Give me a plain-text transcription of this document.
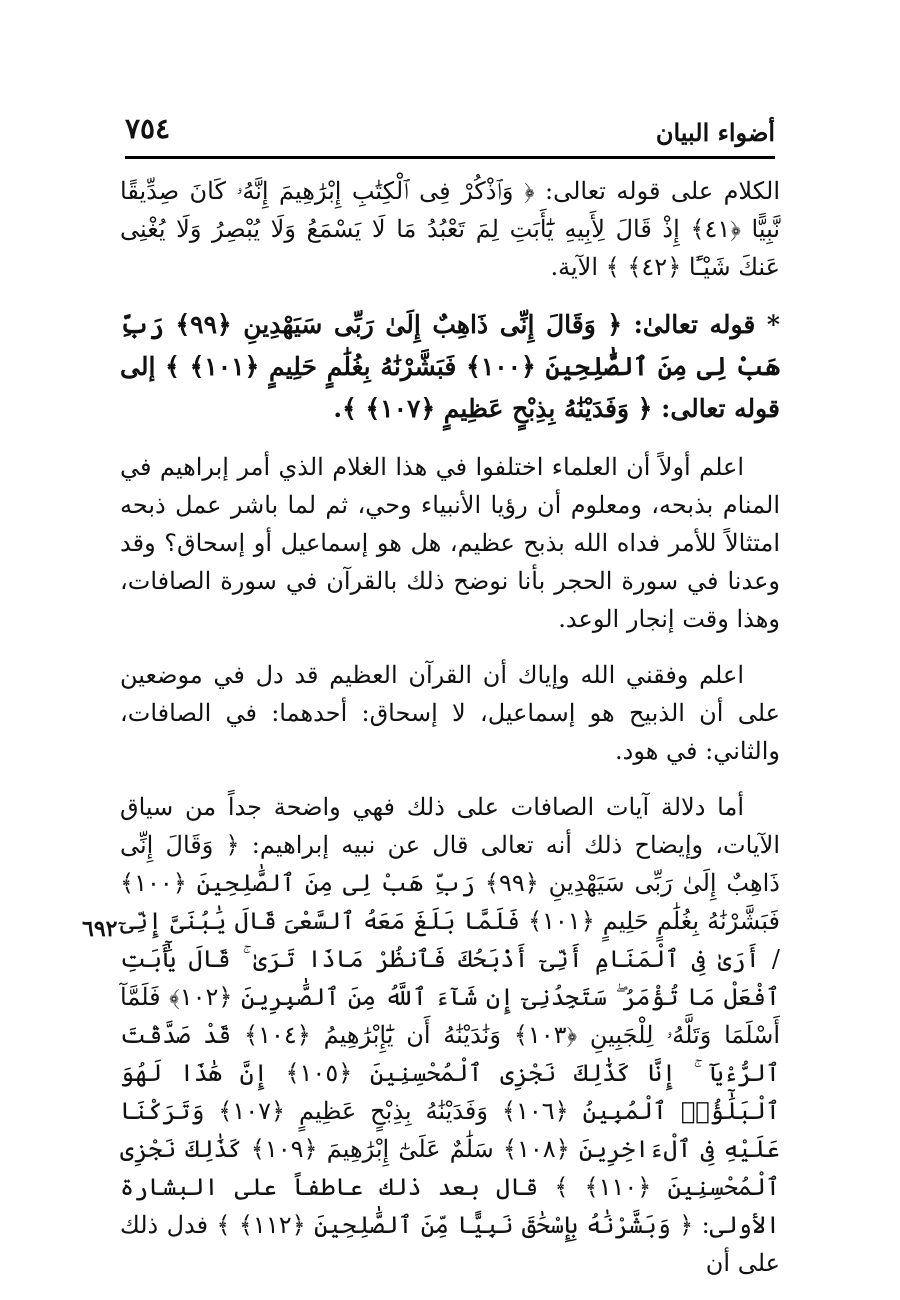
٧٥٤	أضواء البيان

الكلام على قوله تعالى: ﴿ وَٱذْكُرْ فِى ٱلْكِتَٰبِ إِبْرَٰهِيمَ إِنَّهُۥ كَانَ صِدِّيقًا نَّبِيًّا ﴿٤١﴾ إِذْ قَالَ لِأَبِيهِ يَٰٓأَبَتِ لِمَ تَعْبُدُ مَا لَا يَسْمَعُ وَلَا يُبْصِرُ وَلَا يُغْنِى عَنكَ شَيْـًٔا ﴿٤٢﴾ ﴾ الآية.

* قوله تعالىٰ: ﴿ وَقَالَ إِنِّى ذَاهِبٌ إِلَىٰ رَبِّى سَيَهْدِينِ ﴿٩٩﴾ رَبِّ هَبْ لِى مِنَ ٱلصَّٰلِحِينَ ﴿١٠٠﴾ فَبَشَّرْنَٰهُ بِغُلَٰمٍ حَلِيمٍ ﴿١٠١﴾ ﴾ إلى قوله تعالى: ﴿ وَفَدَيْنَٰهُ بِذِبْحٍ عَظِيمٍ ﴿١٠٧﴾ ﴾.

اعلم أولاً أن العلماء اختلفوا في هذا الغلام الذي أمر إبراهيم في المنام بذبحه، ومعلوم أن رؤيا الأنبياء وحي، ثم لما باشر عمل ذبحه امتثالاً للأمر فداه الله بذبح عظيم، هل هو إسماعيل أو إسحاق؟ وقد وعدنا في سورة الحجر بأنا نوضح ذلك بالقرآن في سورة الصافات، وهذا وقت إنجار الوعد.

اعلم وفقني الله وإياك أن القرآن العظيم قد دل في موضعين على أن الذبيح هو إسماعيل، لا إسحاق: أحدهما: في الصافات، والثاني: في هود.

أما دلالة آيات الصافات على ذلك فهي واضحة جداً من سياق الآيات، وإيضاح ذلك أنه تعالى قال عن نبيه إبراهيم: ﴿ وَقَالَ إِنِّى ذَاهِبٌ إِلَىٰ رَبِّى سَيَهْدِينِ ﴿٩٩﴾ رَبِّ هَبْ لِى مِنَ ٱلصَّٰلِحِينَ ﴿١٠٠﴾ فَبَشَّرْنَٰهُ بِغُلَٰمٍ حَلِيمٍ ﴿١٠١﴾ فَلَمَّا بَلَغَ مَعَهُ ٱلسَّعْىَ قَالَ يَٰبُنَىَّ إِنِّىٓ / أَرَىٰ فِى ٱلْمَنَامِ أَنِّىٓ أَذْبَحُكَ فَٱنظُرْ مَاذَا تَرَىٰ ۚ قَالَ يَٰٓأَبَتِ ٱفْعَلْ مَا تُؤْمَرُ ۖ سَتَجِدُنِىٓ إِن شَآءَ ٱللَّهُ مِنَ ٱلصَّٰبِرِينَ ﴿١٠٢﴾ فَلَمَّآ أَسْلَمَا وَتَلَّهُۥ لِلْجَبِينِ ﴿١٠٣﴾ وَنَٰدَيْنَٰهُ أَن يَٰٓإِبْرَٰهِيمُ ﴿١٠٤﴾ قَدْ صَدَّقْتَ ٱلرُّءْيَآ ۚ إِنَّا كَذَٰلِكَ نَجْزِى ٱلْمُحْسِنِينَ ﴿١٠٥﴾ إِنَّ هَٰذَا لَهُوَ ٱلْبَلَٰٓؤُا۟ ٱلْمُبِينُ ﴿١٠٦﴾ وَفَدَيْنَٰهُ بِذِبْحٍ عَظِيمٍ ﴿١٠٧﴾ وَتَرَكْنَا عَلَيْهِ فِى ٱلْءَاخِرِينَ ﴿١٠٨﴾ سَلَٰمٌ عَلَىٰٓ إِبْرَٰهِيمَ ﴿١٠٩﴾ كَذَٰلِكَ نَجْزِى ٱلْمُحْسِنِينَ ﴿١١٠﴾ ﴾ قال بعد ذلك عاطفاً على البشارة الأولى: ﴿ وَبَشَّرْنَٰهُ بِإِسْحَٰقَ نَبِيًّا مِّنَ ٱلصَّٰلِحِينَ ﴿١١٢﴾ ﴾ فدل ذلك على أن

٦٩٢
